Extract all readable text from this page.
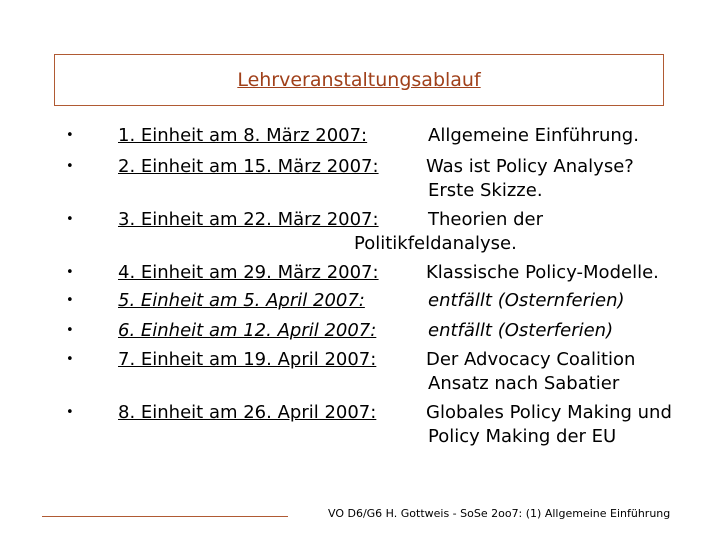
Lehrveranstaltungsablauf
• 1. Einheit am 8. März 2007:	Allgemeine Einführung.
• 2. Einheit am 15. März 2007:	Was ist Policy Analyse?
Erste Skizze.
• 3. Einheit am 22. März 2007:	Theorien der
Politikfeldanalyse.
• 4. Einheit am 29. März 2007:	Klassische Policy-Modelle.
• 5. Einheit am 5. April 2007:	entfällt (Osternferien)
• 6. Einheit am 12. April 2007:	entfällt (Osterferien)
• 7. Einheit am 19. April 2007:	Der Advocacy Coalition
Ansatz nach Sabatier
• 8. Einheit am 26. April 2007:	Globales Policy Making und
Policy Making der EU
VO D6/G6 H. Gottweis - SoSe 2oo7: (1) Allgemeine Einführung
